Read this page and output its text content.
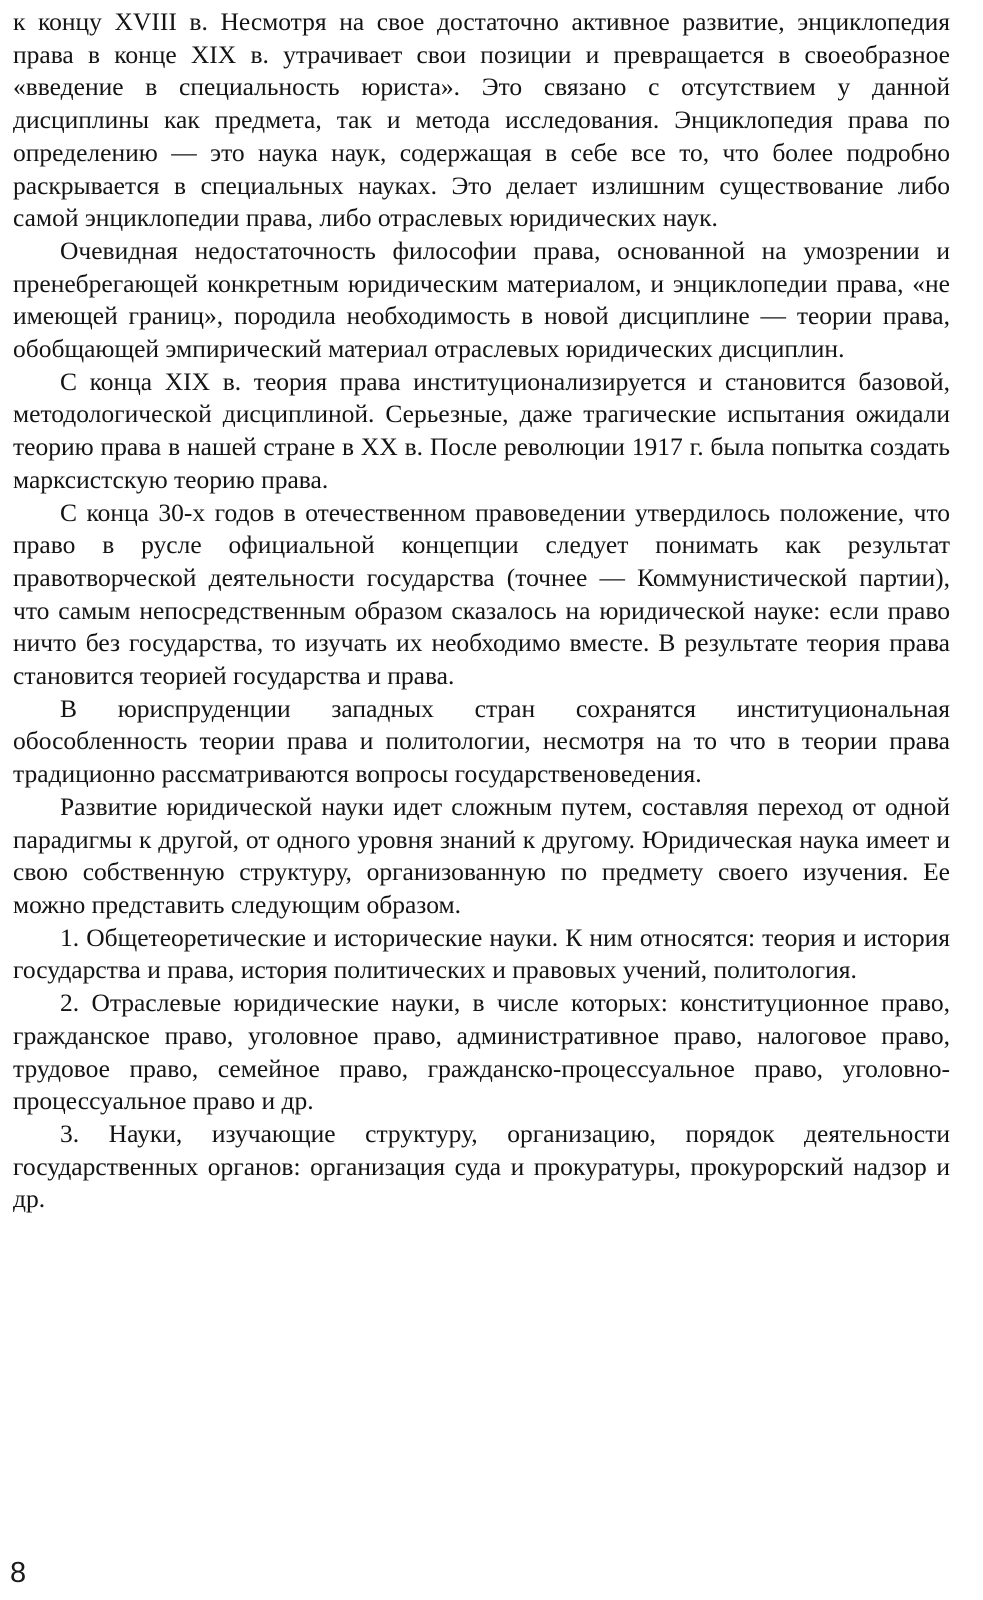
к концу XVIII в. Несмотря на свое достаточно активное развитие, энциклопедия права в конце XIX в. утрачивает свои позиции и превращается в своеобразное «введение в специальность юриста». Это связано с отсутствием у данной дисциплины как предмета, так и метода исследования. Энциклопедия права по определению — это наука наук, содержащая в себе все то, что более подробно раскрывается в специальных науках. Это делает излишним существование либо самой энциклопедии права, либо отраслевых юридических наук.

Очевидная недостаточность философии права, основанной на умозрении и пренебрегающей конкретным юридическим материалом, и энциклопедии права, «не имеющей границ», породила необходимость в новой дисциплине — теории права, обобщающей эмпирический материал отраслевых юридических дисциплин.

С конца XIX в. теория права институционализируется и становится базовой, методологической дисциплиной. Серьезные, даже трагические испытания ожидали теорию права в нашей стране в XX в. После революции 1917 г. была попытка создать марксистскую теорию права.

С конца 30-х годов в отечественном правоведении утвердилось положение, что право в русле официальной концепции следует понимать как результат правотворческой деятельности государства (точнее — Коммунистической партии), что самым непосредственным образом сказалось на юридической науке: если право ничто без государства, то изучать их необходимо вместе. В результате теория права становится теорией государства и права.

В юриспруденции западных стран сохранятся институциональная обособленность теории права и политологии, несмотря на то что в теории права традиционно рассматриваются вопросы государственоведения.

Развитие юридической науки идет сложным путем, составляя переход от одной парадигмы к другой, от одного уровня знаний к другому. Юридическая наука имеет и свою собственную структуру, организованную по предмету своего изучения. Ее можно представить следующим образом.

1. Общетеоретические и исторические науки. К ним относятся: теория и история государства и права, история политических и правовых учений, политология.

2. Отраслевые юридические науки, в числе которых: конституционное право, гражданское право, уголовное право, административное право, налоговое право, трудовое право, семейное право, гражданско-процессуальное право, уголовно-процессуальное право и др.

3. Науки, изучающие структуру, организацию, порядок деятельности государственных органов: организация суда и прокуратуры, прокурорский надзор и др.

8
